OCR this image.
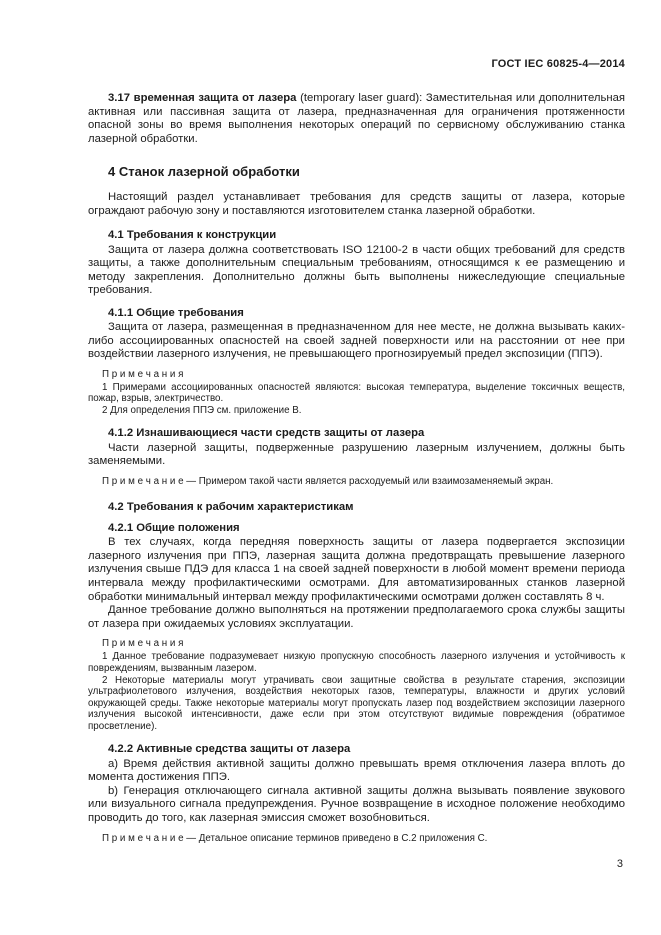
ГОСТ IEC 60825-4—2014

3.17 временная защита от лазера (temporary laser guard): Заместительная или дополнительная активная или пассивная защита от лазера, предназначенная для ограничения протяженности опасной зоны во время выполнения некоторых операций по сервисному обслуживанию станка лазерной обработки.

4 Станок лазерной обработки

Настоящий раздел устанавливает требования для средств защиты от лазера, которые ограждают рабочую зону и поставляются изготовителем станка лазерной обработки.

4.1 Требования к конструкции

Защита от лазера должна соответствовать ISO 12100-2 в части общих требований для средств защиты, а также дополнительным специальным требованиям, относящимся к ее размещению и методу закрепления. Дополнительно должны быть выполнены нижеследующие специальные требования.

4.1.1 Общие требования

Защита от лазера, размещенная в предназначенном для нее месте, не должна вызывать каких-либо ассоциированных опасностей на своей задней поверхности или на расстоянии от нее при воздействии лазерного излучения, не превышающего прогнозируемый предел экспозиции (ППЭ).

П р и м е ч а н и я

1 Примерами ассоциированных опасностей являются: высокая температура, выделение токсичных веществ, пожар, взрыв, электричество.

2 Для определения ППЭ см. приложение B.

4.1.2 Изнашивающиеся части средств защиты от лазера

Части лазерной защиты, подверженные разрушению лазерным излучением, должны быть заменяемыми.

П р и м е ч а н и е — Примером такой части является расходуемый или взаимозаменяемый экран.

4.2 Требования к рабочим характеристикам
4.2.1 Общие положения

В тех случаях, когда передняя поверхность защиты от лазера подвергается экспозиции лазерного излучения при ППЭ, лазерная защита должна предотвращать превышение лазерного излучения свыше ПДЭ для класса 1 на своей задней поверхности в любой момент времени периода интервала между профилактическими осмотрами. Для автоматизированных станков лазерной обработки минимальный интервал между профилактическими осмотрами должен составлять 8 ч.

Данное требование должно выполняться на протяжении предполагаемого срока службы защиты от лазера при ожидаемых условиях эксплуатации.

П р и м е ч а н и я

1 Данное требование подразумевает низкую пропускную способность лазерного излучения и устойчивость к повреждениям, вызванным лазером.

2 Некоторые материалы могут утрачивать свои защитные свойства в результате старения, экспозиции ультрафиолетового излучения, воздействия некоторых газов, температуры, влажности и других условий окружающей среды. Также некоторые материалы могут пропускать лазер под воздействием экспозиции лазерного излучения высокой интенсивности, даже если при этом отсутствуют видимые повреждения (обратимое просветление).

4.2.2 Активные средства защиты от лазера

a) Время действия активной защиты должно превышать время отключения лазера вплоть до момента достижения ППЭ.

b) Генерация отключающего сигнала активной защиты должна вызывать появление звукового или визуального сигнала предупреждения. Ручное возвращение в исходное положение необходимо проводить до того, как лазерная эмиссия сможет возобновиться.

П р и м е ч а н и е — Детальное описание терминов приведено в C.2 приложения C.

3
